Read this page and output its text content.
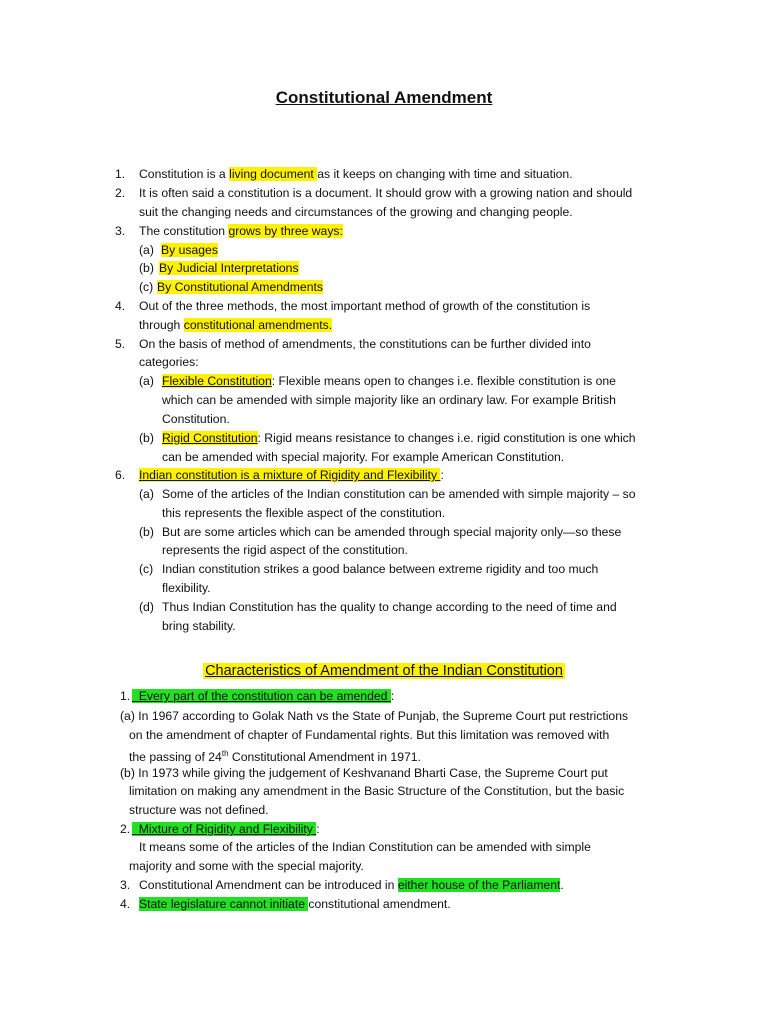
Constitutional Amendment
1. Constitution is a living document as it keeps on changing with time and situation.
2. It is often said a constitution is a document. It should grow with a growing nation and should
suit the changing needs and circumstances of the growing and changing people.
3. The constitution grows by three ways:
(a) By usages
(b) By Judicial Interpretations
(c) By Constitutional Amendments
4. Out of the three methods, the most important method of growth of the constitution is
through constitutional amendments.
5. On the basis of method of amendments, the constitutions can be further divided into
categories:
(a) Flexible Constitution: Flexible means open to changes i.e. flexible constitution is one
which can be amended with simple majority like an ordinary law. For example British
Constitution.
(b) Rigid Constitution: Rigid means resistance to changes i.e. rigid constitution is one which
can be amended with special majority. For example American Constitution.
6. Indian constitution is a mixture of Rigidity and Flexibility :
(a) Some of the articles of the Indian constitution can be amended with simple majority – so
this represents the flexible aspect of the constitution.
(b) But are some articles which can be amended through special majority only—so these
represents the rigid aspect of the constitution.
(c) Indian constitution strikes a good balance between extreme rigidity and too much
flexibility.
(d) Thus Indian Constitution has the quality to change according to the need of time and
bring stability.
Characteristics of Amendment of the Indian Constitution
1. Every part of the constitution can be amended :
(a) In 1967 according to Golak Nath vs the State of Punjab, the Supreme Court put restrictions
on the amendment of chapter of Fundamental rights. But this limitation was removed with
the passing of 24th Constitutional Amendment in 1971.
(b) In 1973 while giving the judgement of Keshvanand Bharti Case, the Supreme Court put
limitation on making any amendment in the Basic Structure of the Constitution, but the basic
structure was not defined.
2. Mixture of Rigidity and Flexibility :
It means some of the articles of the Indian Constitution can be amended with simple
majority and some with the special majority.
3. Constitutional Amendment can be introduced in either house of the Parliament.
4. State legislature cannot initiate constitutional amendment.
